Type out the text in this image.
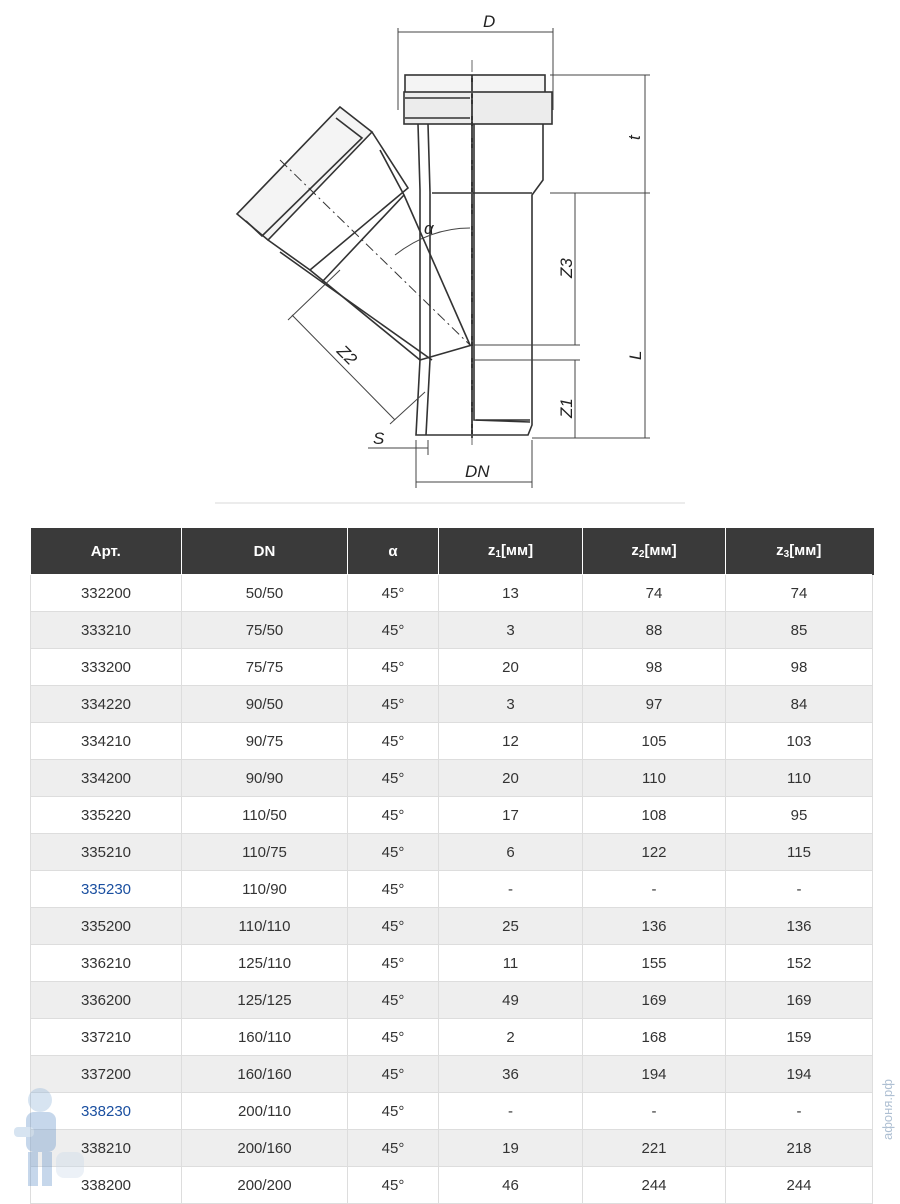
α
D
t
L
Z3
Z1
Z2
S
DN
Арт.	DN	α	$z_1[мм]$	$z_2[мм]$	$z_3[мм]$
332200	50/50	45°	13	74	74
333210	75/50	45°	3	88	85
333200	75/75	45°	20	98	98
334220	90/50	45°	3	97	84
334210	90/75	45°	12	105	103
334200	90/90	45°	20	110	110
335220	110/50	45°	17	108	95
335210	110/75	45°	6	122	115
335230	110/90	45°	-	-	-
335200	110/110	45°	25	136	136
336210	125/110	45°	11	155	152
336200	125/125	45°	49	169	169
337210	160/110	45°	2	168	159
337200	160/160	45°	36	194	194
338230	200/110	45°	-	-	-
338210	200/160	45°	19	221	218
338200	200/200	45°	46	244	244
афоня.рф
